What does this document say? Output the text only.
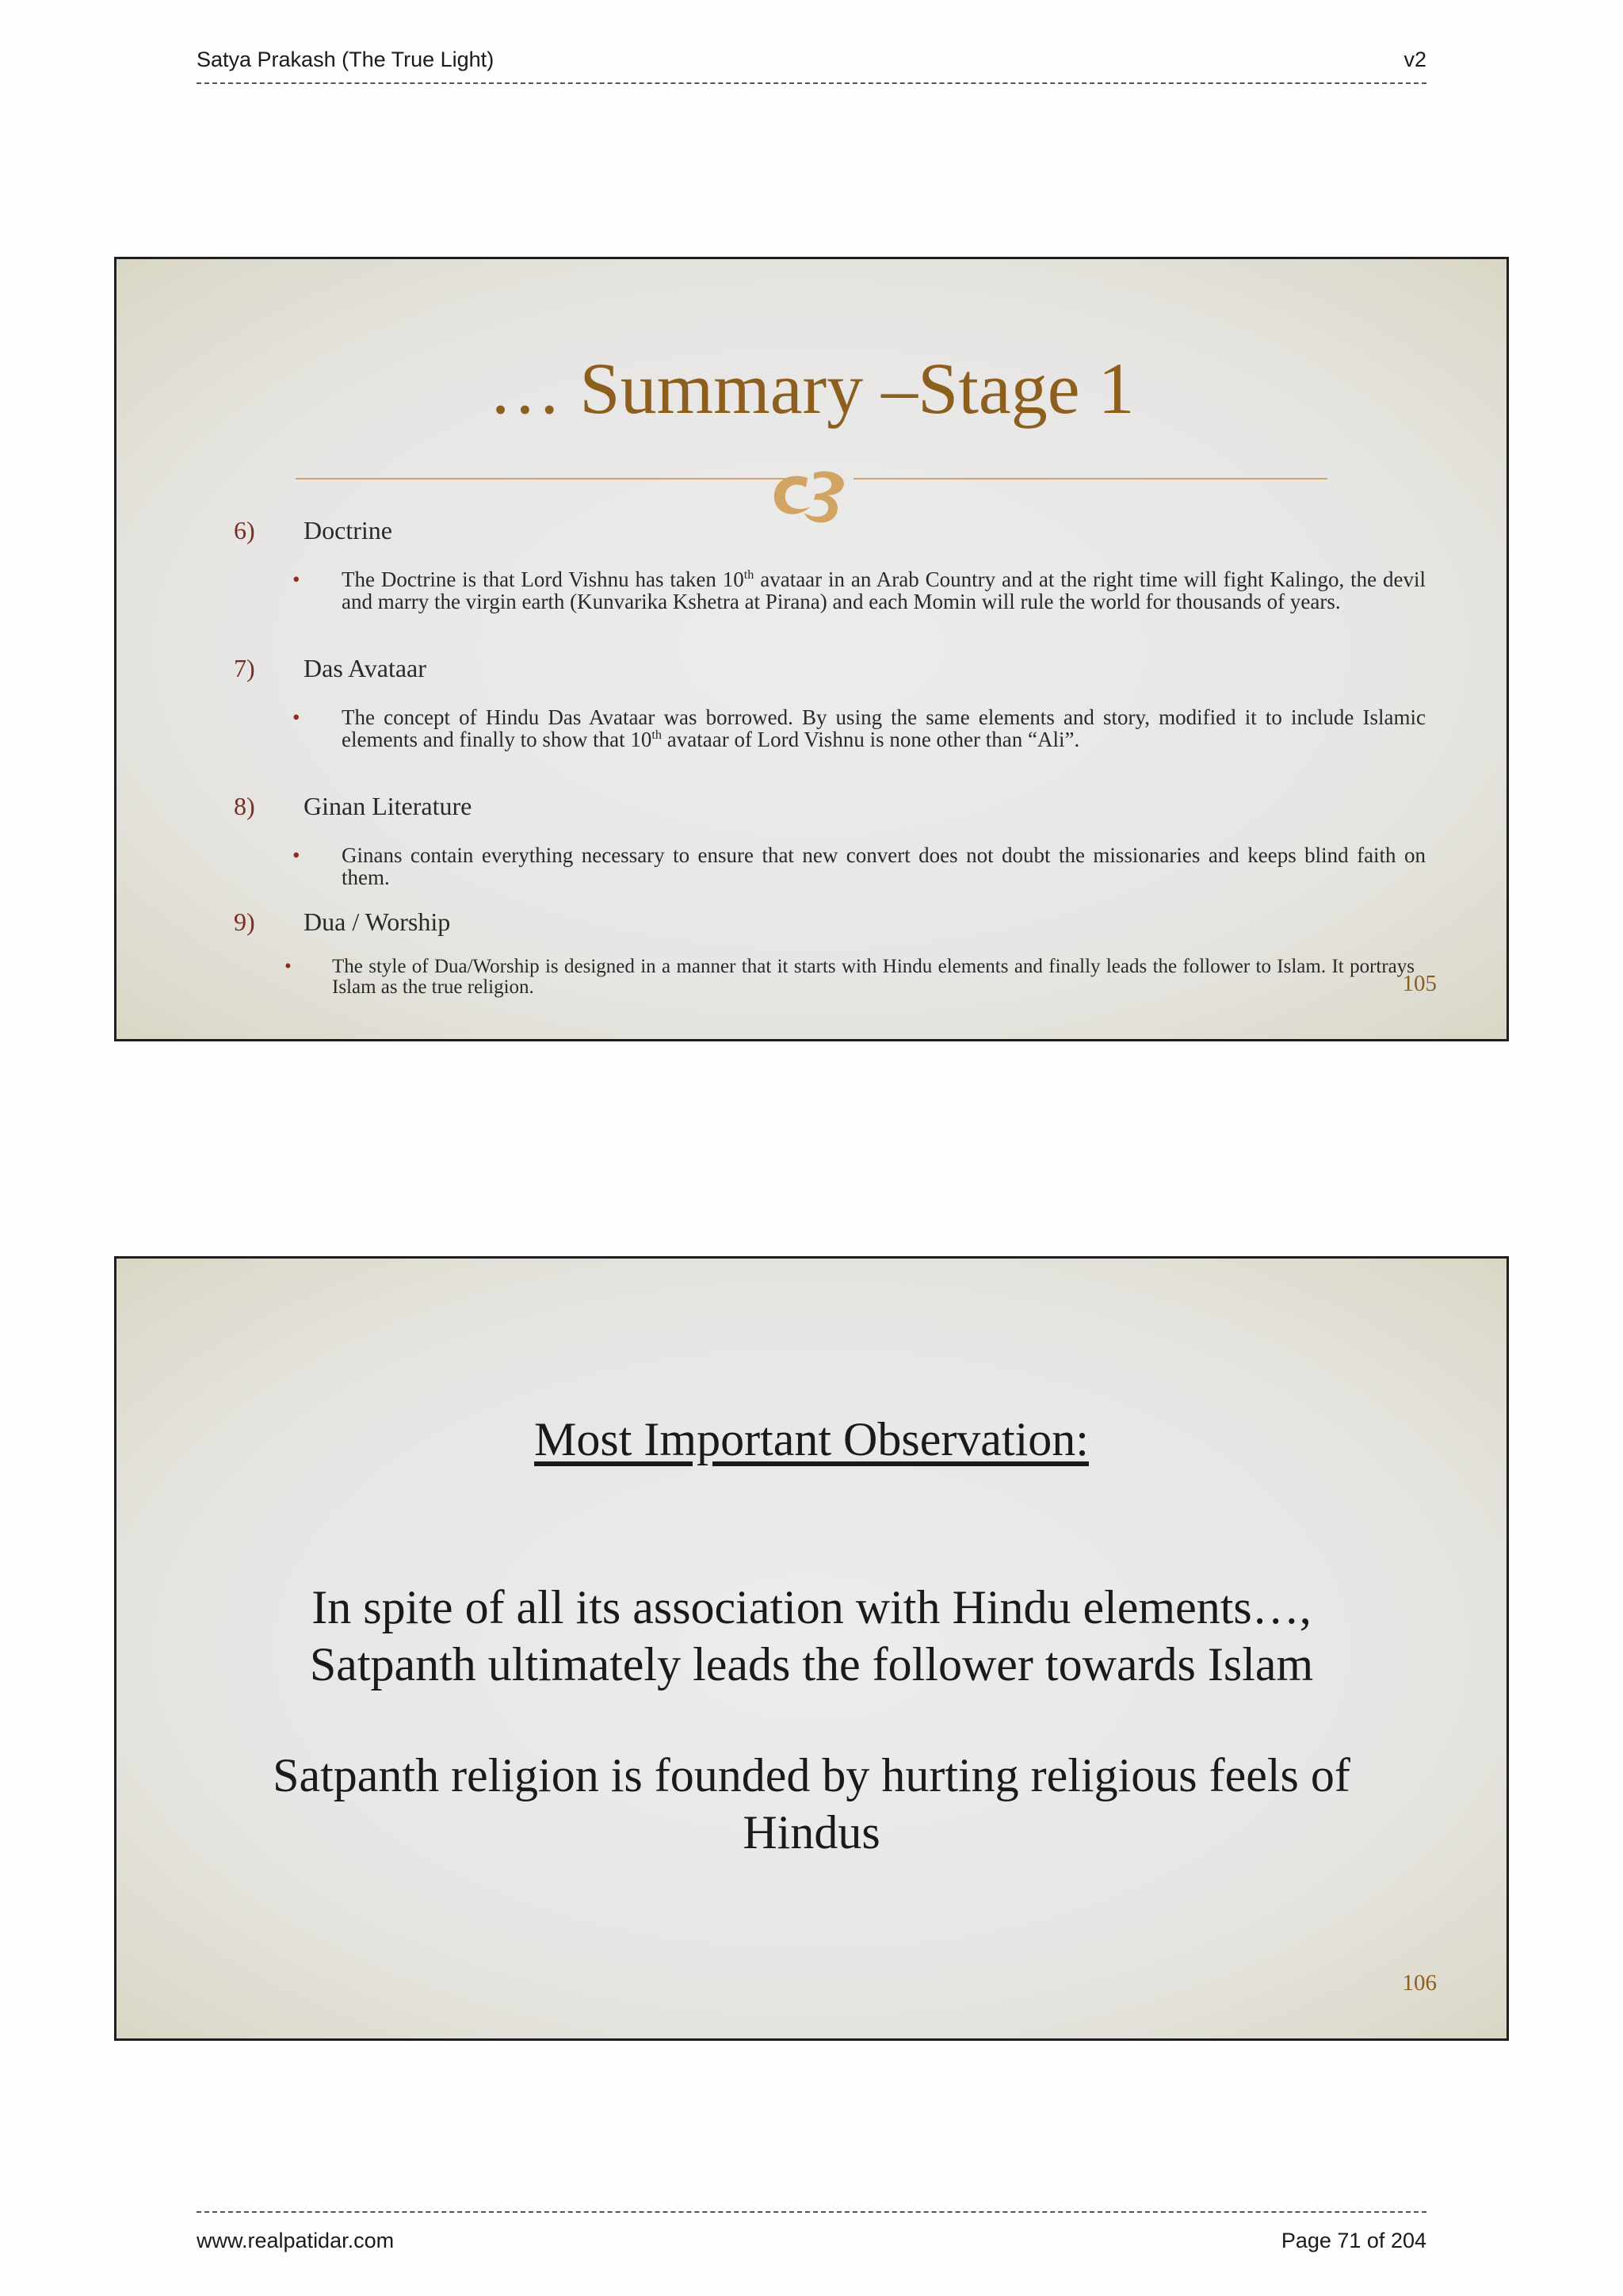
Satya Prakash (The True Light)	v2
… Summary –Stage 1
6) Doctrine
• The Doctrine is that Lord Vishnu has taken 10th avataar in an Arab Country and at the right time will fight Kalingo, the devil and marry the virgin earth (Kunvarika Kshetra at Pirana) and each Momin will rule the world for thousands of years.
7) Das Avataar
• The concept of Hindu Das Avataar was borrowed. By using the same elements and story, modified it to include Islamic elements and finally to show that 10th avataar of Lord Vishnu is none other than “Ali”.
8) Ginan Literature
• Ginans contain everything necessary to ensure that new convert does not doubt the missionaries and keeps blind faith on them.
9) Dua / Worship
• The style of Dua/Worship is designed in a manner that it starts with Hindu elements and finally leads the follower to Islam. It portrays Islam as the true religion.	105
Most Important Observation:
In spite of all its association with Hindu elements…,
Satpanth ultimately leads the follower towards Islam
Satpanth religion is founded by hurting religious feels of
Hindus
106
www.realpatidar.com	Page 71 of 204
